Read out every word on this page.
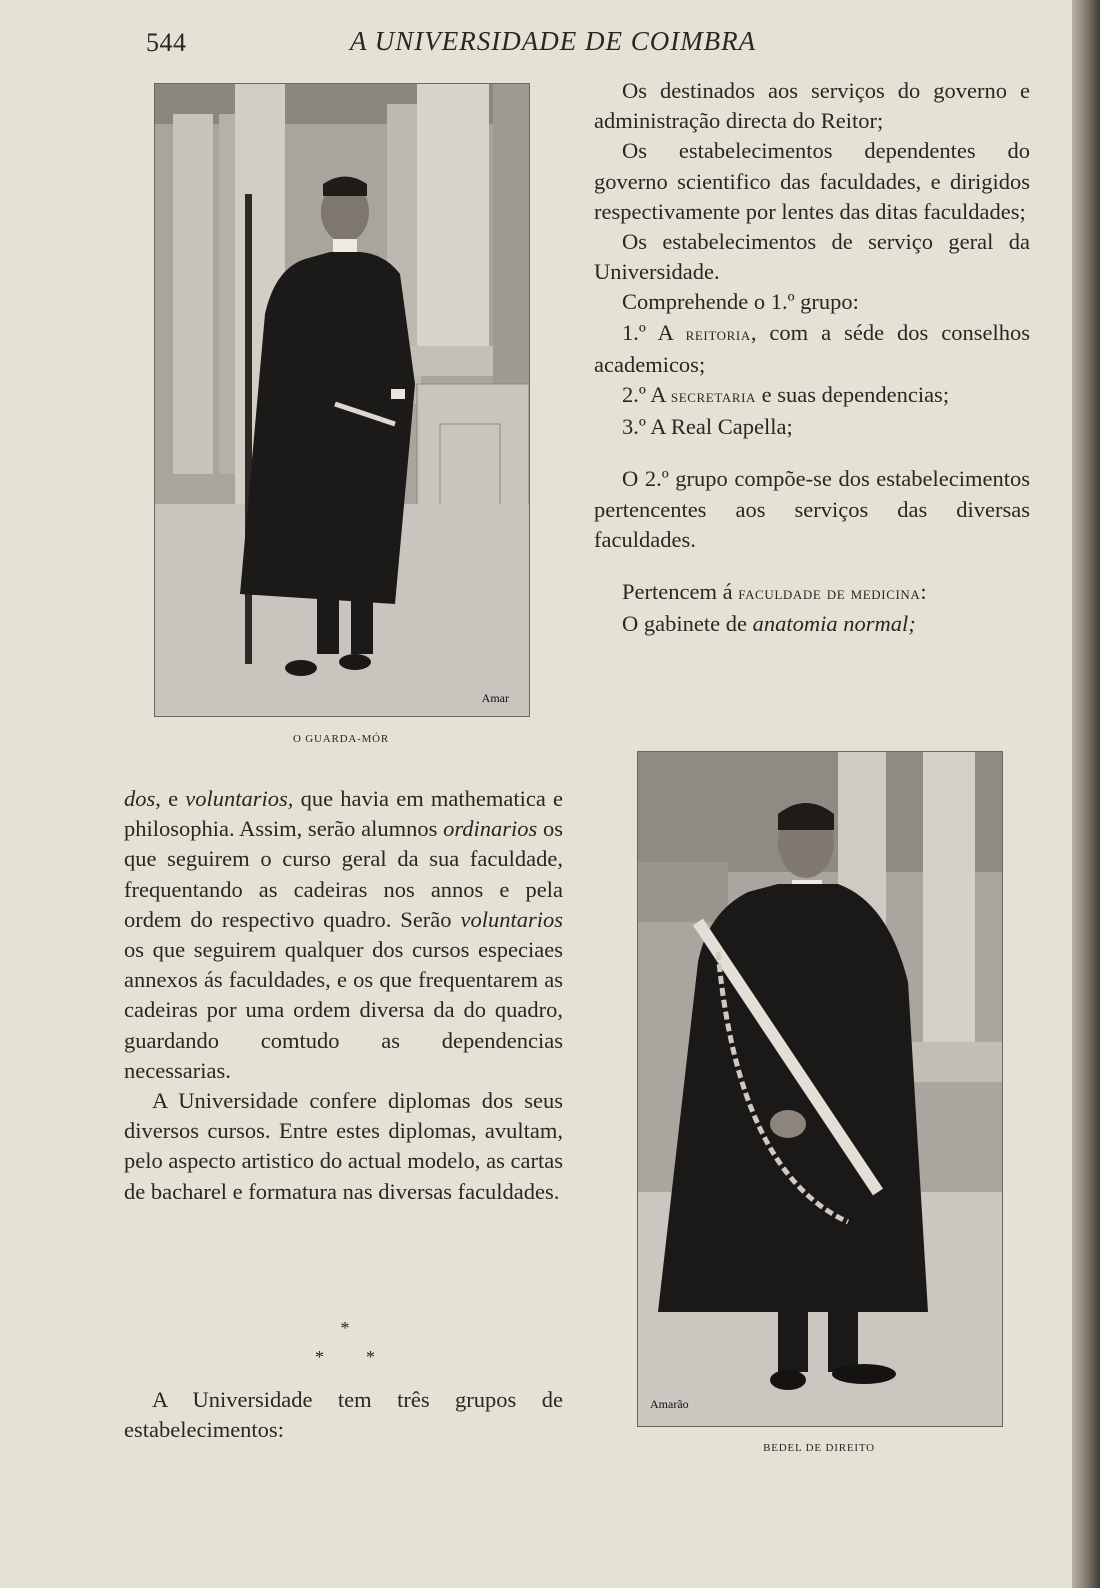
544	A UNIVERSIDADE DE COIMBRA
Amar
O GUARDA-MÓR

Os destinados aos serviços do governo e administração directa do Reitor;

Os estabelecimentos dependentes do governo scientifico das faculdades, e dirigidos respectivamente por lentes das ditas faculdades;

Os estabelecimentos de serviço geral da Universidade.

Comprehende o 1.º grupo:

1.º A reitoria, com a séde dos conselhos academicos;

2.º A secretaria e suas dependencias;

3.º A Real Capella;

O 2.º grupo compõe-se dos estabelecimentos pertencentes aos serviços das diversas faculdades.

Pertencem á faculdade de medicina:

O gabinete de anatomia normal;

Amarão
BEDEL DE DIREITO

dos, e voluntarios, que havia em mathematica e philosophia. Assim, serão alumnos ordinarios os que seguirem o curso geral da sua faculdade, frequentando as cadeiras nos annos e pela ordem do respectivo quadro. Serão voluntarios os que seguirem qualquer dos cursos especiaes annexos ás faculdades, e os que frequentarem as cadeiras por uma ordem diversa da do quadro, guardando comtudo as dependencias necessarias.

A Universidade confere diplomas dos seus diversos cursos. Entre estes diplomas, avultam, pelo aspecto artistico do actual modelo, as cartas de bacharel e formatura nas diversas faculdades.

*
* *

A Universidade tem três grupos de estabelecimentos:
